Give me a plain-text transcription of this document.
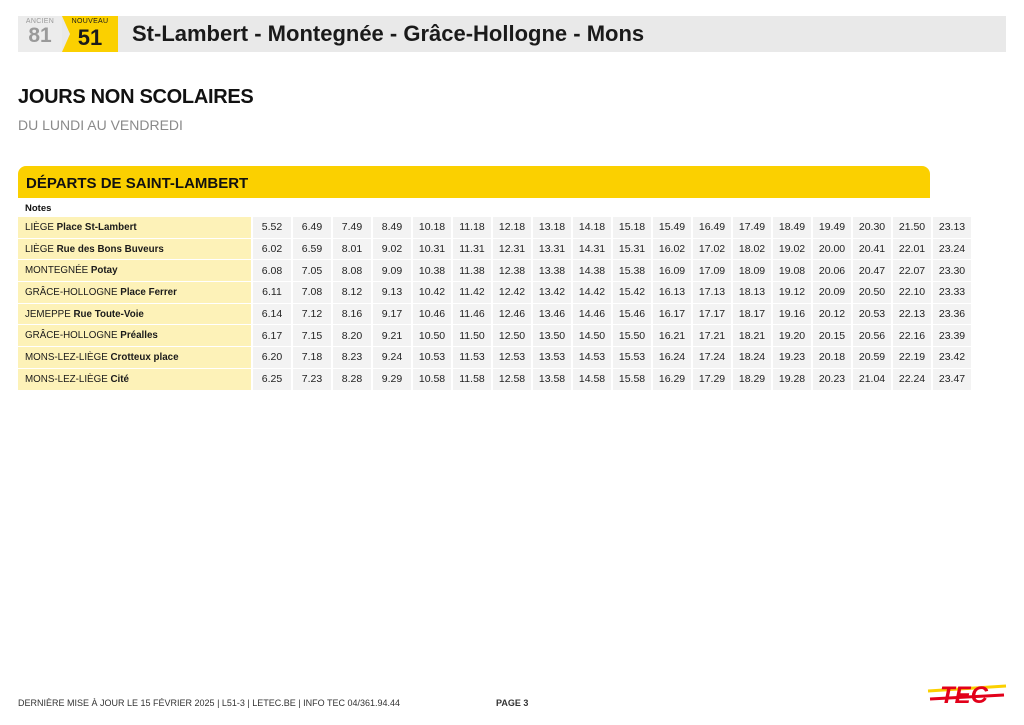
ANCIEN
81
NOUVEAU
51	St-Lambert - Montegnée - Grâce-Hollogne - Mons
JOURS NON SCOLAIRES
DU LUNDI AU VENDREDI
DÉPARTS DE SAINT-LAMBERT
Notes
LIÈGE Place St-Lambert	5.52	6.49	7.49	8.49	10.18	11.18	12.18	13.18	14.18	15.18	15.49	16.49	17.49	18.49	19.49	20.30	21.50	23.13
LIÈGE Rue des Bons Buveurs	6.02	6.59	8.01	9.02	10.31	11.31	12.31	13.31	14.31	15.31	16.02	17.02	18.02	19.02	20.00	20.41	22.01	23.24
MONTEGNÉE Potay	6.08	7.05	8.08	9.09	10.38	11.38	12.38	13.38	14.38	15.38	16.09	17.09	18.09	19.08	20.06	20.47	22.07	23.30
GRÂCE-HOLLOGNE Place Ferrer	6.11	7.08	8.12	9.13	10.42	11.42	12.42	13.42	14.42	15.42	16.13	17.13	18.13	19.12	20.09	20.50	22.10	23.33
JEMEPPE Rue Toute-Voie	6.14	7.12	8.16	9.17	10.46	11.46	12.46	13.46	14.46	15.46	16.17	17.17	18.17	19.16	20.12	20.53	22.13	23.36
GRÂCE-HOLLOGNE Préalles	6.17	7.15	8.20	9.21	10.50	11.50	12.50	13.50	14.50	15.50	16.21	17.21	18.21	19.20	20.15	20.56	22.16	23.39
MONS-LEZ-LIÈGE Crotteux place	6.20	7.18	8.23	9.24	10.53	11.53	12.53	13.53	14.53	15.53	16.24	17.24	18.24	19.23	20.18	20.59	22.19	23.42
MONS-LEZ-LIÈGE Cité	6.25	7.23	8.28	9.29	10.58	11.58	12.58	13.58	14.58	15.58	16.29	17.29	18.29	19.28	20.23	21.04	22.24	23.47
DERNIÈRE MISE À JOUR LE 15 FÉVRIER 2025 | L51-3 | LETEC.BE | INFO TEC 04/361.94.44	PAGE 3	TEC
